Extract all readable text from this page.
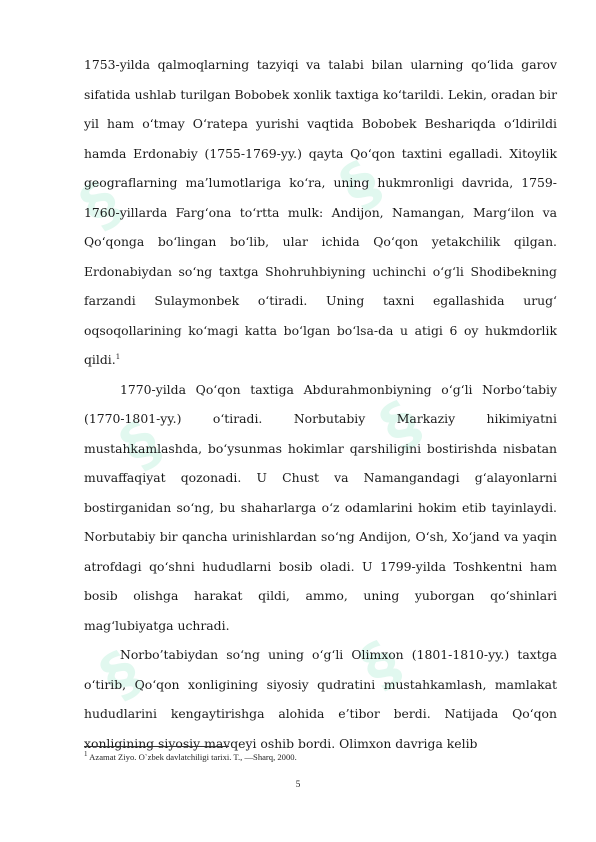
§	§
§	§
§	§

1753-yilda qalmoqlarning tazyiqi va talabi bilan ularning qo‘lida garov sifatida ushlab turilgan Bobobek xonlik taxtiga ko‘tarildi. Lekin, oradan bir yil ham o‘tmay O‘ratepa yurishi vaqtida Bobobek Beshariqda o‘ldirildi hamda Erdonabiy (1755-1769-yy.) qayta Qo‘qon taxtini egalladi. Xitoylik geograflarning ma’lumotlariga ko‘ra, uning hukmronligi davrida, 1759-1760-yillarda Farg‘ona to‘rtta mulk: Andijon, Namangan, Marg‘ilon va Qo‘qonga bo‘lingan bo‘lib, ular ichida Qo‘qon yetakchilik qilgan. Erdonabiydan so‘ng taxtga Shohruhbiyning uchinchi o‘g‘li Shodibekning farzandi Sulaymonbek o‘tiradi. Uning taxni egallashida urug‘ oqsoqollarining ko‘magi katta bo‘lgan bo‘lsa-da u atigi 6 oy hukmdorlik qildi.$^1$

1770-yilda Qo‘qon taxtiga Abdurahmonbiyning o‘g‘li Norbo‘tabiy (1770-1801-yy.) o‘tiradi. Norbutabiy Markaziy hikimiyatni mustahkamlashda, bo‘ysunmas hokimlar qarshiligini bostirishda nisbatan muvaffaqiyat qozonadi. U Chust va Namangandagi g‘alayonlarni bostirganidan so‘ng, bu shaharlarga o‘z odamlarini hokim etib tayinlaydi. Norbutabiy bir qancha urinishlardan so‘ng Andijon, O‘sh, Xo‘jand va yaqin atrofdagi qo‘shni hududlarni bosib oladi. U 1799-yilda Toshkentni ham bosib olishga harakat qildi, ammo, uning yuborgan qo‘shinlari mag‘lubiyatga uchradi.

Norbo’tabiydan so‘ng uning o‘g‘li Olimxon (1801-1810-yy.) taxtga o‘tirib, Qo‘qon xonligining siyosiy qudratini mustahkamlash, mamlakat hududlarini kengaytirishga alohida e’tibor berdi. Natijada Qo‘qon xonligining siyosiy mavqeyi oshib bordi. Olimxon davriga kelib

$^1$ Azamat Ziyo. O`zbek davlatchiligi tarixi. T., —Sharq, 2000.
5
